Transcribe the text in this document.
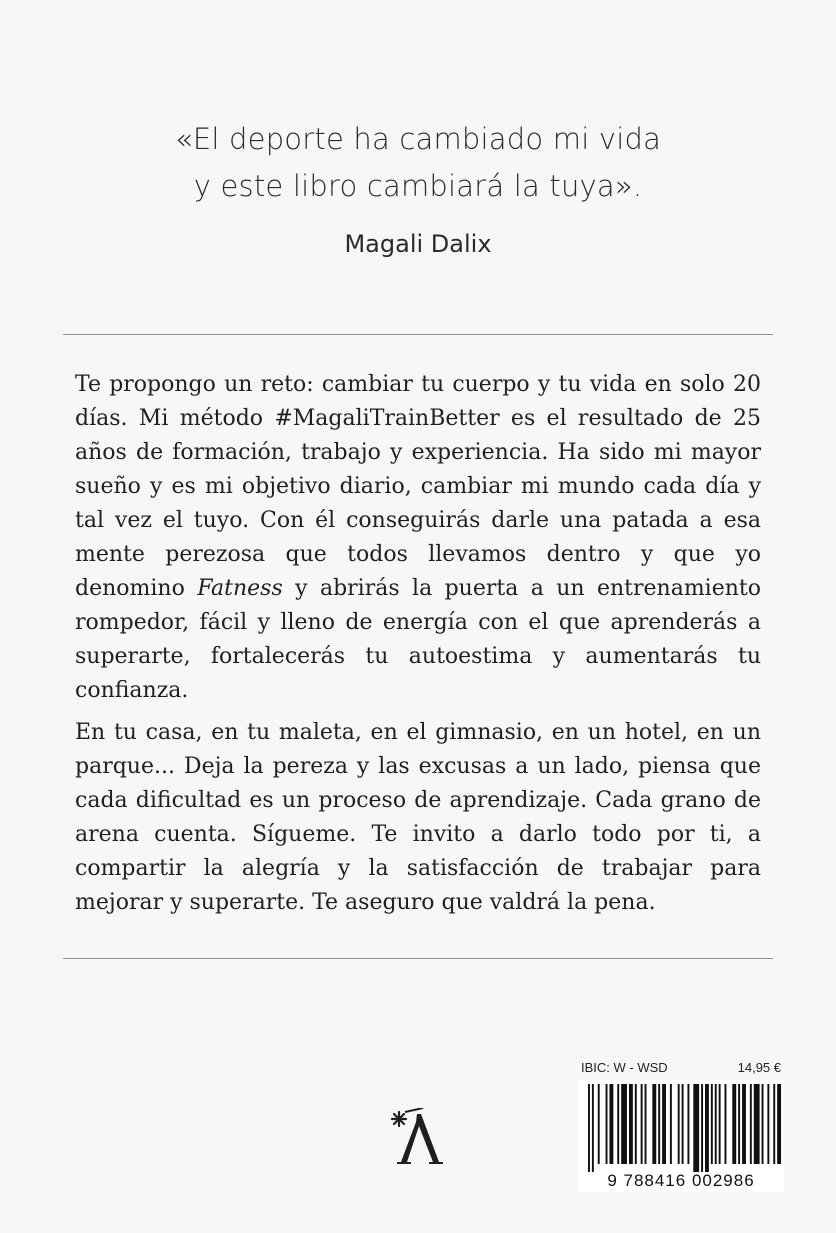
«El deporte ha cambiado mi vida
y este libro cambiará la tuya».
Magali Dalix

Te propongo un reto: cambiar tu cuerpo y tu vida en solo 20 días. Mi método #MagaliTrainBetter es el resultado de 25 años de formación, trabajo y experiencia. Ha sido mi mayor sueño y es mi objetivo diario, cambiar mi mundo cada día y tal vez el tuyo. Con él conseguirás darle una patada a esa mente perezosa que todos llevamos dentro y que yo denomino Fatness y abrirás la puerta a un entrenamiento rompedor, fácil y lleno de energía con el que aprenderás a superarte, fortalecerás tu autoestima y aumentarás tu confianza.

En tu casa, en tu maleta, en el gimnasio, en un hotel, en un parque... Deja la pereza y las excusas a un lado, piensa que cada dificultad es un proceso de aprendizaje. Cada grano de arena cuenta. Sígueme. Te invito a darlo todo por ti, a compartir la alegría y la satisfacción de trabajar para mejorar y superarte. Te aseguro que valdrá la pena.

IBIC: W - WSD	14,95 €
9 788416 002986
